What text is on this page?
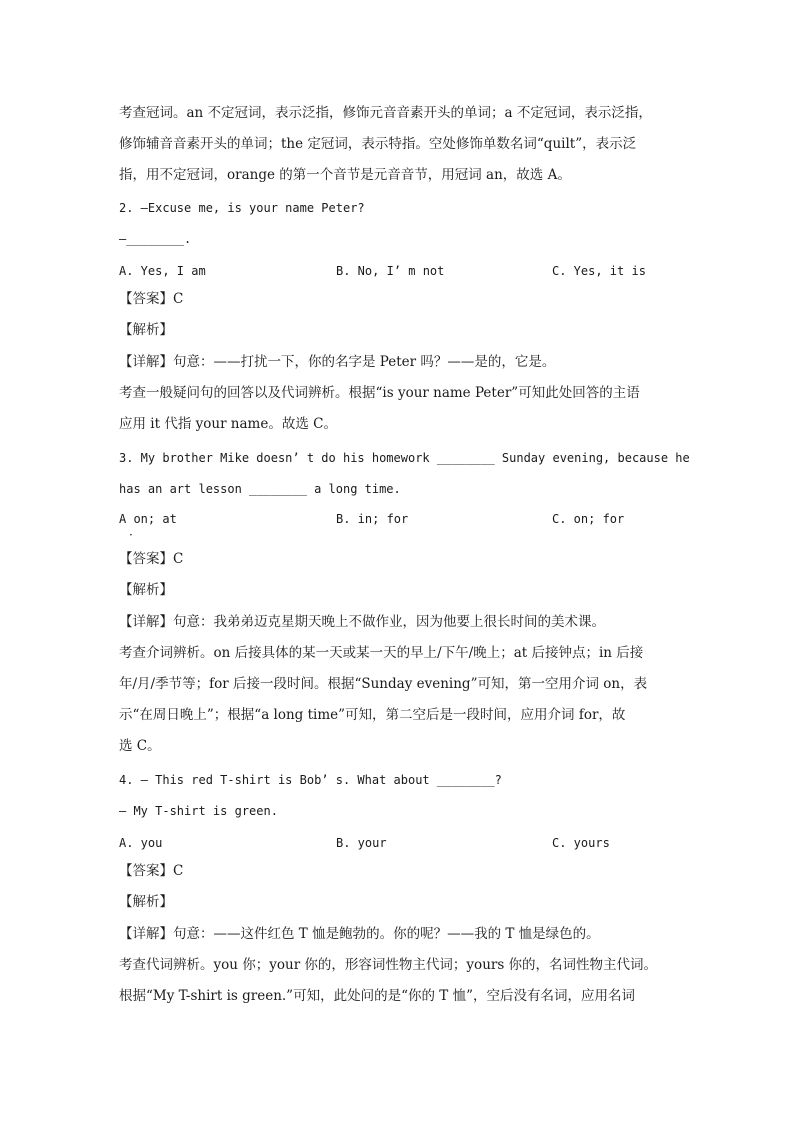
考查冠词。an 不定冠词，表示泛指，修饰元音音素开头的单词；a 不定冠词，表示泛指，
修饰辅音音素开头的单词；the 定冠词，表示特指。空处修饰单数名词“quilt”，表示泛
指，用不定冠词，orange 的第一个音节是元音音节，用冠词 an，故选 A。
2. —Excuse me, is your name Peter?
—________.
A. Yes, I am	B. No, I’ m not	C. Yes, it is
【答案】C
【解析】
【详解】句意：——打扰一下，你的名字是 Peter 吗？——是的，它是。
考查一般疑问句的回答以及代词辨析。根据“is your name Peter”可知此处回答的主语
应用 it 代指 your name。故选 C。
3. My brother Mike doesn’ t do his homework ________ Sunday evening, because he
has an art lesson ________ a long time.
A on; at	B. in; for	C. on; for
·
【答案】C
【解析】
【详解】句意：我弟弟迈克星期天晚上不做作业，因为他要上很长时间的美术课。
考查介词辨析。on 后接具体的某一天或某一天的早上/下午/晚上；at 后接钟点；in 后接
年/月/季节等；for 后接一段时间。根据“Sunday evening”可知，第一空用介词 on，表
示“在周日晚上”；根据“a long time”可知，第二空后是一段时间，应用介词 for，故
选 C。
4. — This red T-shirt is Bob’ s. What about ________?
— My T-shirt is green.
A. you	B. your	C. yours
【答案】C
【解析】
【详解】句意：——这件红色 T 恤是鲍勃的。你的呢？——我的 T 恤是绿色的。
考查代词辨析。you 你；your 你的，形容词性物主代词；yours 你的，名词性物主代词。
根据“My T-shirt is green.”可知，此处问的是“你的 T 恤”，空后没有名词，应用名词
